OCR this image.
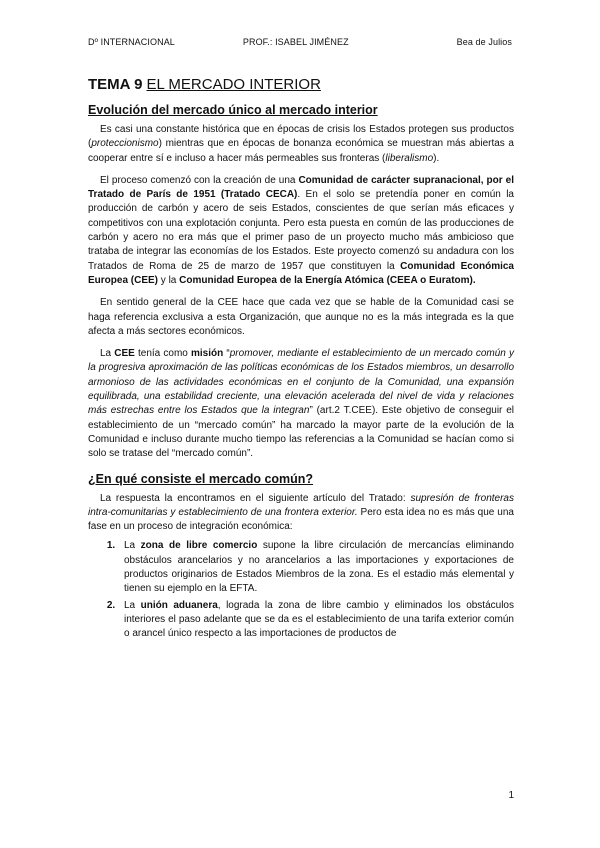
Dº INTERNACIONAL	PROF.: ISABEL JIMÉNEZ	Bea de Julios
TEMA 9 EL MERCADO INTERIOR
Evolución del mercado único al mercado interior

Es casi una constante histórica que en épocas de crisis los Estados protegen sus productos (proteccionismo) mientras que en épocas de bonanza económica se muestran más abiertas a cooperar entre sí e incluso a hacer más permeables sus fronteras (liberalismo).

El proceso comenzó con la creación de una Comunidad de carácter supranacional, por el Tratado de París de 1951 (Tratado CECA). En el solo se pretendía poner en común la producción de carbón y acero de seis Estados, conscientes de que serían más eficaces y competitivos con una explotación conjunta. Pero esta puesta en común de las producciones de carbón y acero no era más que el primer paso de un proyecto mucho más ambicioso que trataba de integrar las economías de los Estados. Este proyecto comenzó su andadura con los Tratados de Roma de 25 de marzo de 1957 que constituyen la Comunidad Económica Europea (CEE) y la Comunidad Europea de la Energía Atómica (CEEA o Euratom).

En sentido general de la CEE hace que cada vez que se hable de la Comunidad casi se haga referencia exclusiva a esta Organización, que aunque no es la más integrada es la que afecta a más sectores económicos.

La CEE tenía como misión “promover, mediante el establecimiento de un mercado común y la progresiva aproximación de las políticas económicas de los Estados miembros, un desarrollo armonioso de las actividades económicas en el conjunto de la Comunidad, una expansión equilibrada, una estabilidad creciente, una elevación acelerada del nivel de vida y relaciones más estrechas entre los Estados que la integran” (art.2 T.CEE). Este objetivo de conseguir el establecimiento de un “mercado común” ha marcado la mayor parte de la evolución de la Comunidad e incluso durante mucho tiempo las referencias a la Comunidad se hacían como si solo se tratase del “mercado común”.

¿En qué consiste el mercado común?

La respuesta la encontramos en el siguiente artículo del Tratado: supresión de fronteras intra-comunitarias y establecimiento de una frontera exterior. Pero esta idea no es más que una fase en un proceso de integración económica:

1. La zona de libre comercio supone la libre circulación de mercancías eliminando obstáculos arancelarios y no arancelarios a las importaciones y exportaciones de productos originarios de Estados Miembros de la zona. Es el estadio más elemental y tienen su ejemplo en la EFTA.
2. La unión aduanera, lograda la zona de libre cambio y eliminados los obstáculos interiores el paso adelante que se da es el establecimiento de una tarifa exterior común o arancel único respecto a las importaciones de productos de
1
